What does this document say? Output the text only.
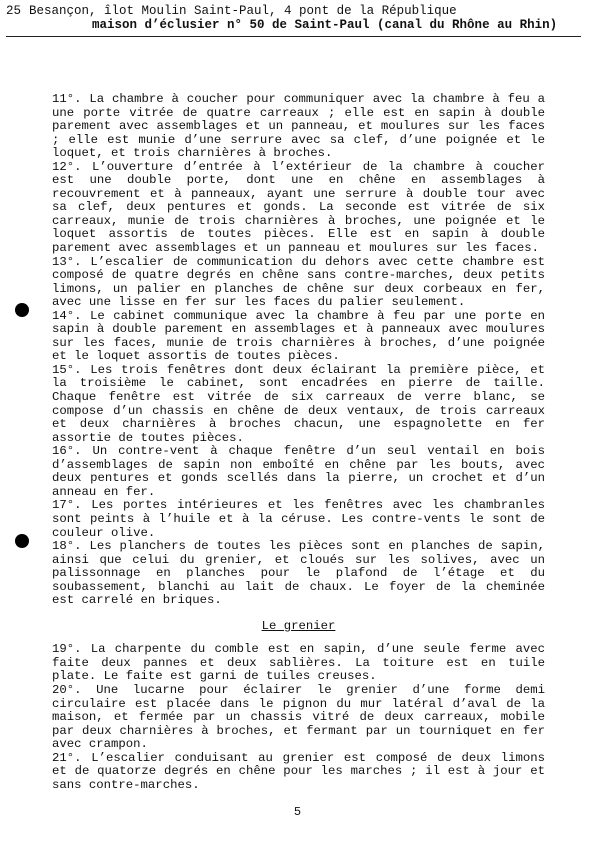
25 Besançon, îlot Moulin Saint-Paul, 4 pont de la République
maison d’éclusier n° 50 de Saint-Paul (canal du Rhône au Rhin)

11°. La chambre à coucher pour communiquer avec la chambre à feu a une porte vitrée de quatre carreaux ; elle est en sapin à double parement avec assemblages et un panneau, et moulures sur les faces ; elle est munie d’une serrure avec sa clef, d’une poignée et le loquet, et trois charnières à broches.

12°. L’ouverture d’entrée à l’extérieur de la chambre à coucher est une double porte, dont une en chêne en assemblages à recouvrement et à panneaux, ayant une serrure à double tour avec sa clef, deux pentures et gonds. La seconde est vitrée de six carreaux, munie de trois charnières à broches, une poignée et le loquet assortis de toutes pièces. Elle est en sapin à double parement avec assemblages et un panneau et moulures sur les faces.

13°. L’escalier de communication du dehors avec cette chambre est composé de quatre degrés en chêne sans contre-marches, deux petits limons, un palier en planches de chêne sur deux corbeaux en fer, avec une lisse en fer sur les faces du palier seulement.

14°. Le cabinet communique avec la chambre à feu par une porte en sapin à double parement en assemblages et à panneaux avec moulures sur les faces, munie de trois charnières à broches, d’une poignée et le loquet assortis de toutes pièces.

15°. Les trois fenêtres dont deux éclairant la première pièce, et la troisième le cabinet, sont encadrées en pierre de taille. Chaque fenêtre est vitrée de six carreaux de verre blanc, se compose d’un chassis en chêne de deux ventaux, de trois carreaux et deux charnières à broches chacun, une espagnolette en fer assortie de toutes pièces.

16°. Un contre-vent à chaque fenêtre d’un seul ventail en bois d’assemblages de sapin non emboîté en chêne par les bouts, avec deux pentures et gonds scellés dans la pierre, un crochet et d’un anneau en fer.

17°. Les portes intérieures et les fenêtres avec les chambranles sont peints à l’huile et à la céruse. Les contre-vents le sont de couleur olive.

18°. Les planchers de toutes les pièces sont en planches de sapin, ainsi que celui du grenier, et cloués sur les solives, avec un palissonnage en planches pour le plafond de l’étage et du soubassement, blanchi au lait de chaux. Le foyer de la cheminée est carrelé en briques.

Le grenier

19°. La charpente du comble est en sapin, d’une seule ferme avec faite deux pannes et deux sablières. La toiture est en tuile plate. Le faite est garni de tuiles creuses.

20°. Une lucarne pour éclairer le grenier d’une forme demi circulaire est placée dans le pignon du mur latéral d’aval de la maison, et fermée par un chassis vitré de deux carreaux, mobile par deux charnières à broches, et fermant par un tourniquet en fer avec crampon.

21°. L’escalier conduisant au grenier est composé de deux limons et de quatorze degrés en chêne pour les marches ; il est à jour et sans contre-marches.

5
